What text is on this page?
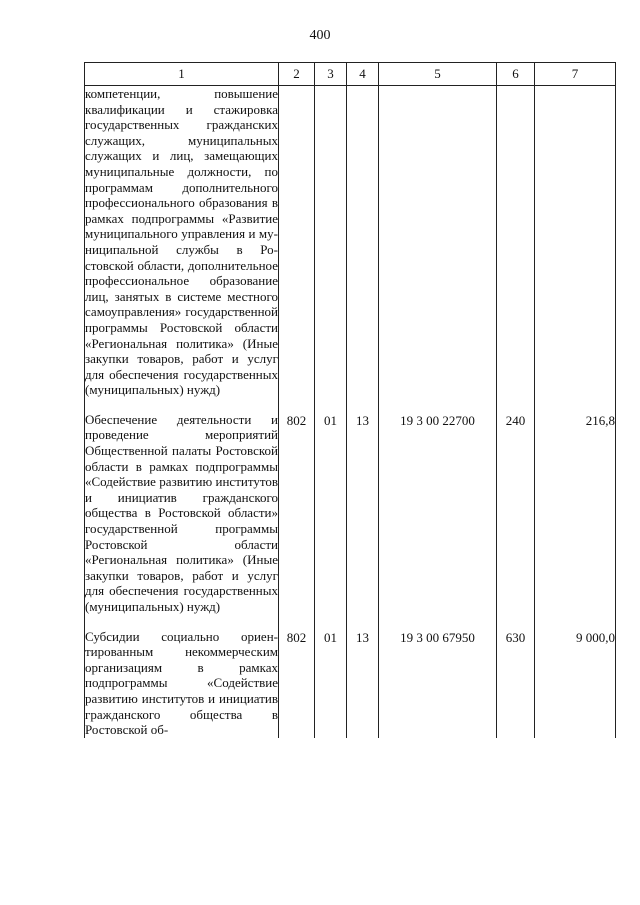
400
1	2	3	4	5	6	7
компетенции, повышение квалификации и стажировка государственных гражданских служащих, муниципальных служащих и лиц, замещающих муниципальные должности, по программам дополнительного профессионального образования в рамках подпрограммы «Развитие муниципального управления и муниципальной службы в Ростовской области, дополнительное профессиональное образование лиц, занятых в системе местного самоуправления» государственной программы Ростовской области «Региональная политика» (Иные закупки товаров, работ и услуг для обеспечения государственных (муниципальных) нужд)						
Обеспечение деятельности и проведение мероприятий Общественной палаты Ростовской области в рамках подпрограммы «Содействие развитию институтов и инициатив гражданского общества в Ростовской области» государственной программы Ростовской области «Региональная политика» (Иные закупки товаров, работ и услуг для обеспечения государственных (муниципальных) нужд)	802	01	13	19 3 00 22700	240	216,8
Субсидии социально ориентированным некоммерческим организациям в рамках подпрограммы «Содействие развитию институтов и инициатив гражданского общества в Ростовской об-	802	01	13	19 3 00 67950	630	9 000,0
